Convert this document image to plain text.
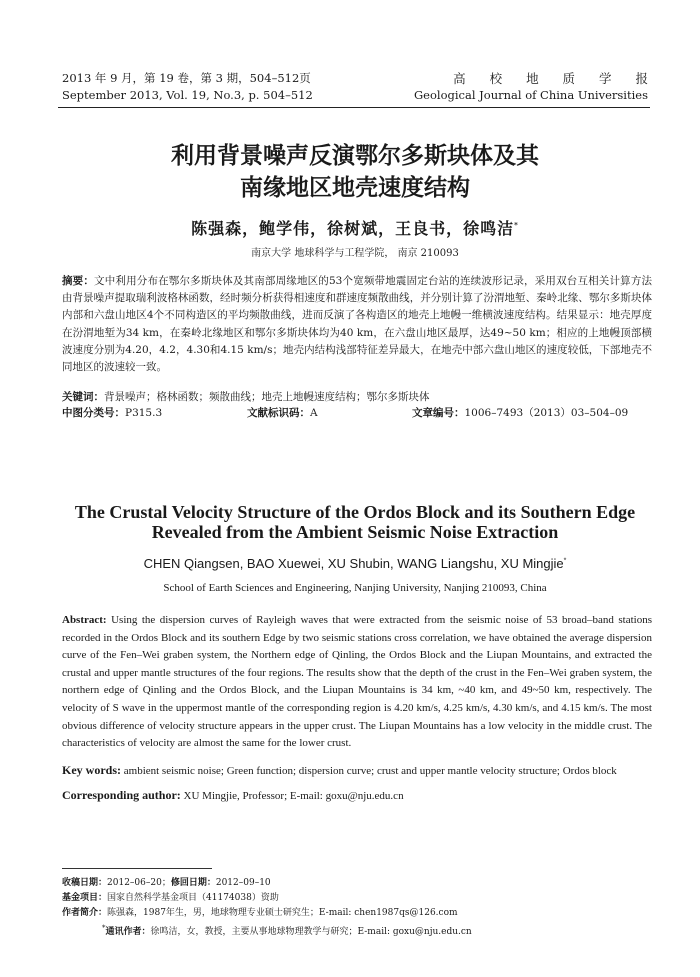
2013 年 9 月，第 19 卷，第 3 期，504–512页
September 2013, Vol. 19, No.3, p. 504–512
高 校 地 质 学 报
Geological Journal of China Universities
利用背景噪声反演鄂尔多斯块体及其
南缘地区地壳速度结构
陈强森，鲍学伟，徐树斌，王良书，徐鸣洁*
南京大学 地球科学与工程学院， 南京 210093
摘要：文中利用分布在鄂尔多斯块体及其南部周缘地区的53个宽频带地震固定台站的连续波形记录，采用双台互相关计算方法由背景噪声提取瑞利波格林函数，经时频分析获得相速度和群速度频散曲线，并分别计算了汾渭地堑、秦岭北缘、鄂尔多斯块体内部和六盘山地区4个不同构造区的平均频散曲线，进而反演了各构造区的地壳上地幔一维横波速度结构。结果显示：地壳厚度在汾渭地堑为34 km，在秦岭北缘地区和鄂尔多斯块体均为40 km，在六盘山地区最厚，达49~50 km；相应的上地幔顶部横波速度分别为4.20，4.2，4.30和4.15 km/s；地壳内结构浅部特征差异最大，在地壳中部六盘山地区的速度较低，下部地壳不同地区的波速较一致。
关键词：背景噪声；格林函数；频散曲线；地壳上地幔速度结构；鄂尔多斯块体
中图分类号：P315.3	文献标识码：A	文章编号：1006–7493（2013）03–504–09
The Crustal Velocity Structure of the Ordos Block and its Southern Edge
Revealed from the Ambient Seismic Noise Extraction
CHEN Qiangsen, BAO Xuewei, XU Shubin, WANG Liangshu, XU Mingjie*
School of Earth Sciences and Engineering, Nanjing University, Nanjing 210093, China
Abstract: Using the dispersion curves of Rayleigh waves that were extracted from the seismic noise of 53 broad–band stations recorded in the Ordos Block and its southern Edge by two seismic stations cross correlation, we have obtained the average dispersion curve of the Fen–Wei graben system, the Northern edge of Qinling, the Ordos Block and the Liupan Mountains, and extracted the crustal and upper mantle structures of the four regions. The results show that the depth of the crust in the Fen–Wei graben system, the northern edge of Qinling and the Ordos Block, and the Liupan Mountains is 34 km, ~40 km, and 49~50 km, respectively. The velocity of S wave in the uppermost mantle of the corresponding region is 4.20 km/s, 4.25 km/s, 4.30 km/s, and 4.15 km/s. The most obvious difference of velocity structure appears in the upper crust. The Liupan Mountains has a low velocity in the middle crust. The characteristics of velocity are almost the same for the lower crust.
Key words: ambient seismic noise; Green function; dispersion curve; crust and upper mantle velocity structure; Ordos block
Corresponding author: XU Mingjie, Professor; E-mail: goxu@nju.edu.cn
收稿日期：2012–06–20；修回日期：2012–09–10
基金项目：国家自然科学基金项目（41174038）资助
作者简介：陈强森，1987年生，男，地球物理专业硕士研究生；E-mail: chen1987qs@126.com
*通讯作者：徐鸣洁，女，教授，主要从事地球物理教学与研究；E-mail: goxu@nju.edu.cn
